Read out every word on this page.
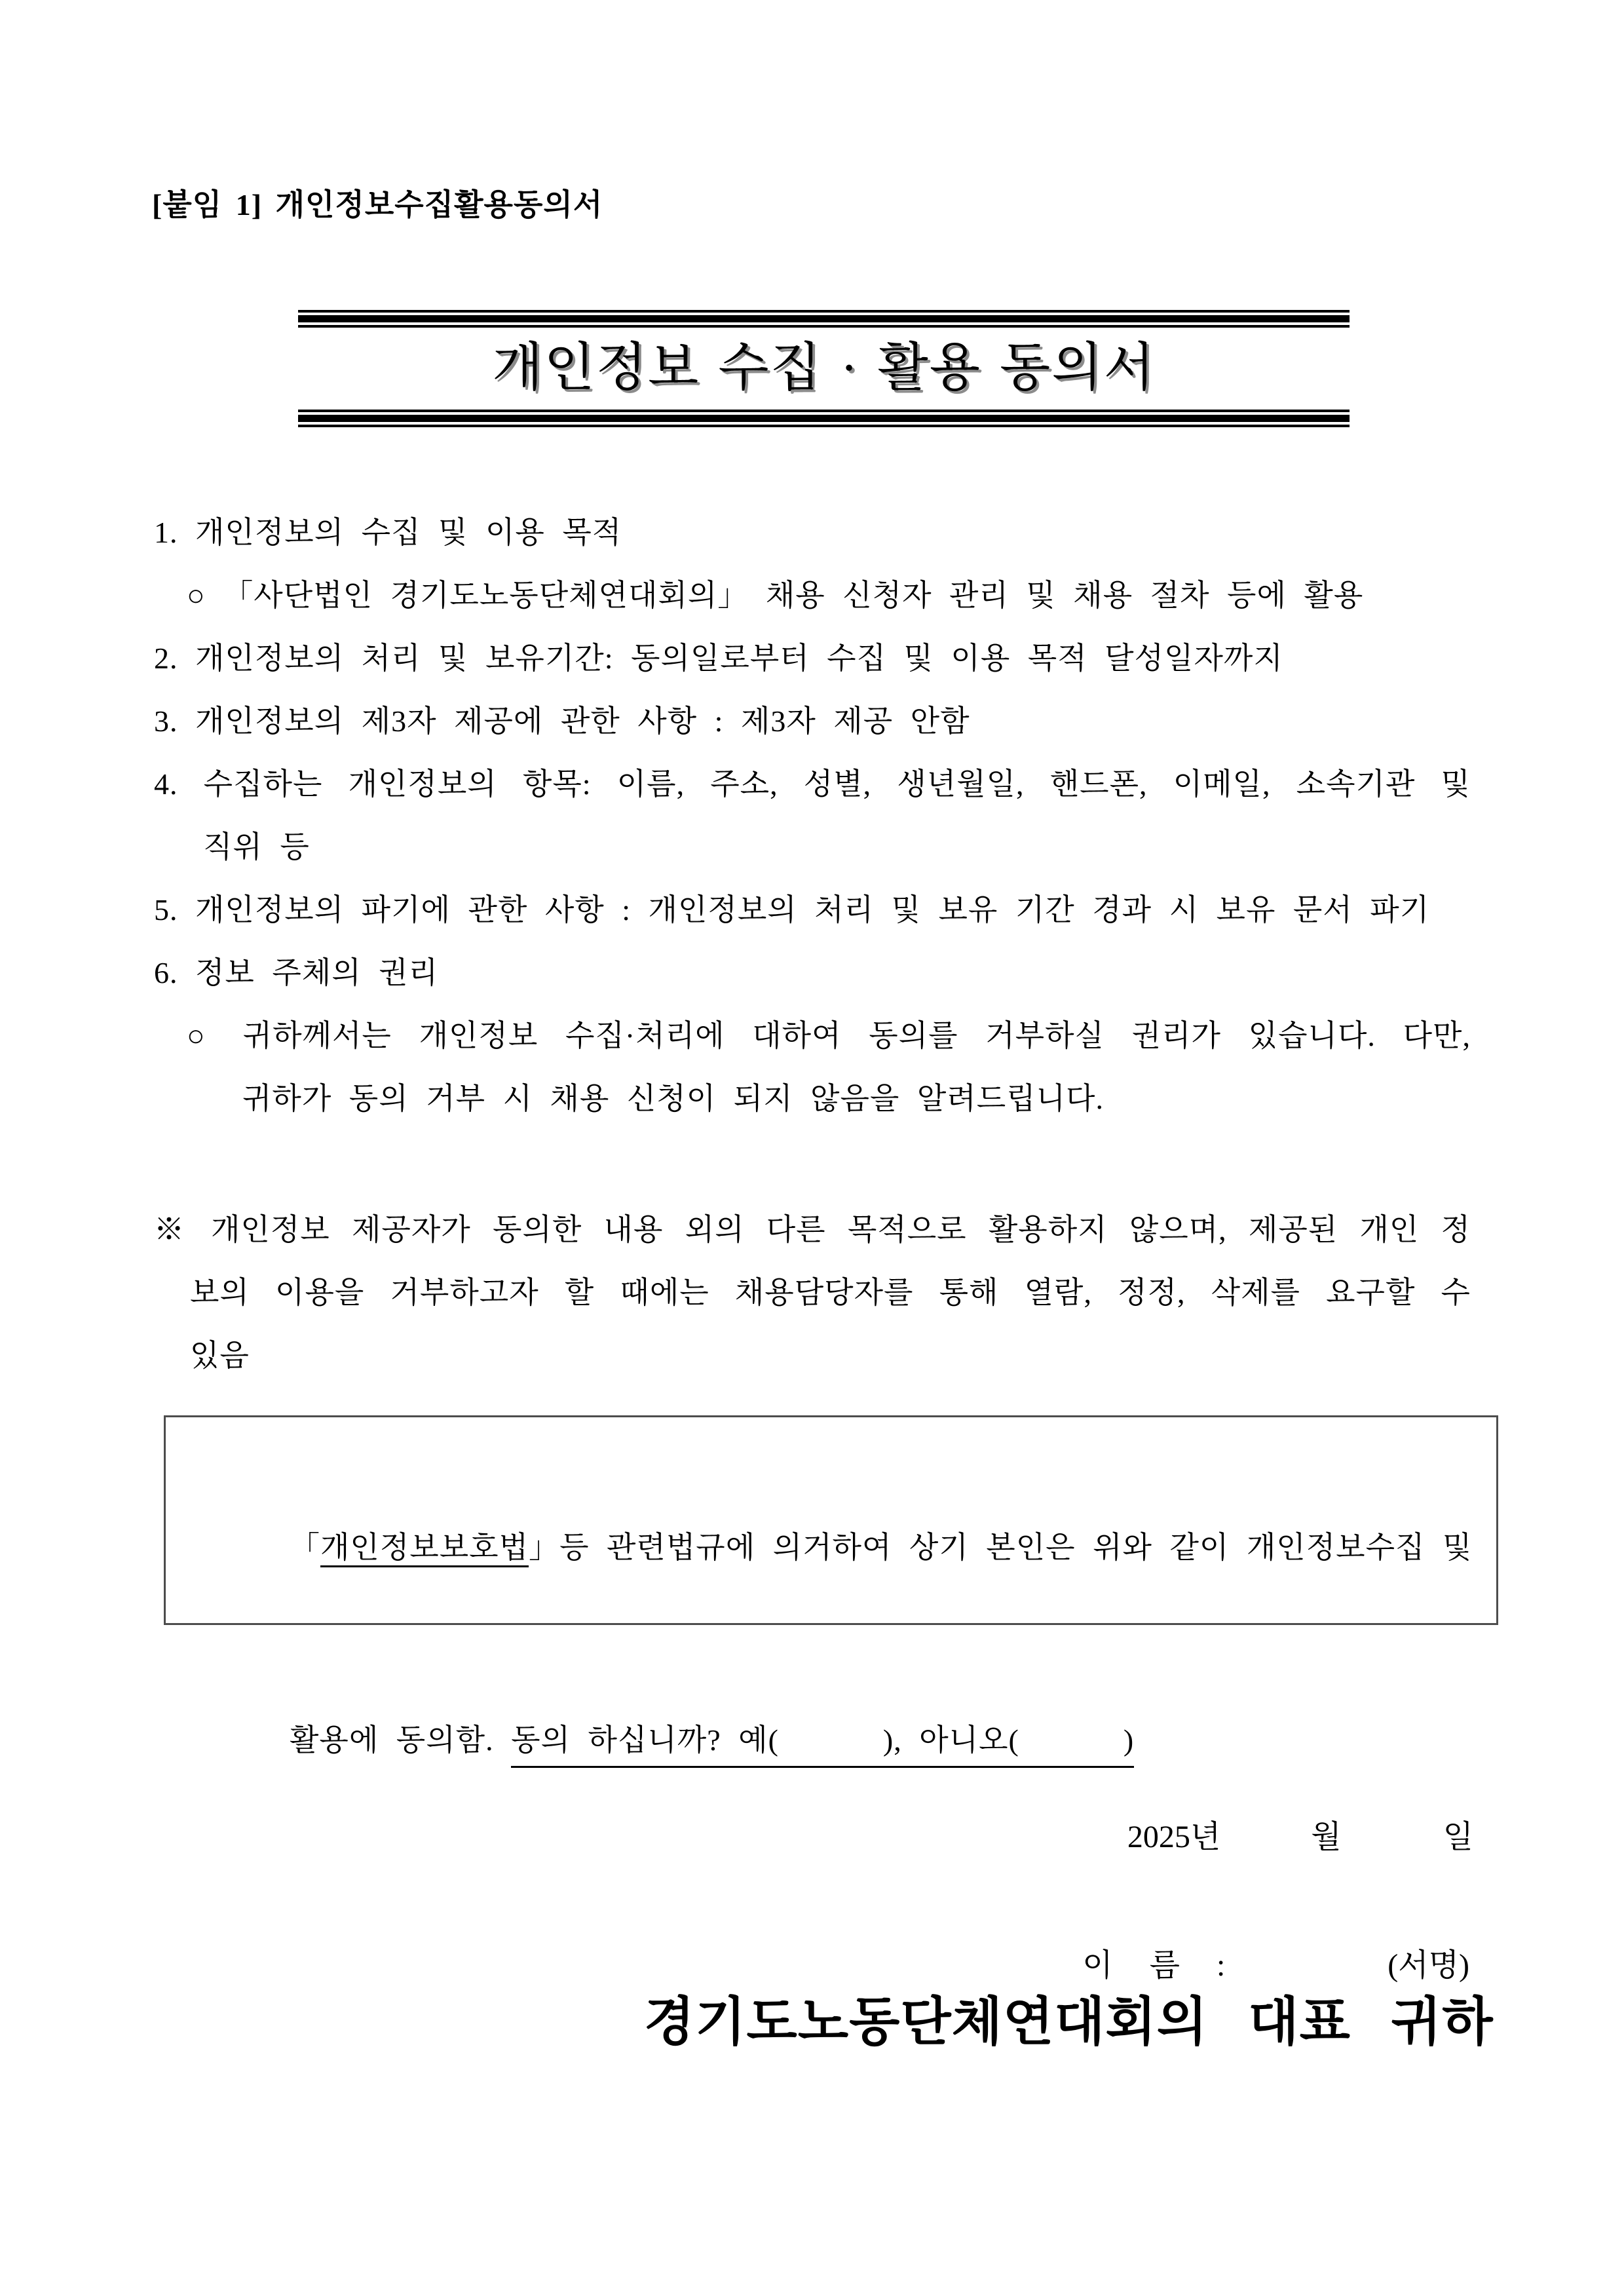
[붙임 1] 개인정보수집활용동의서
개인정보 수집 · 활용 동의서
1. 개인정보의 수집 및 이용 목적
○ 「사단법인 경기도노동단체연대회의」 채용 신청자 관리 및 채용 절차 등에 활용
2. 개인정보의 처리 및 보유기간: 동의일로부터 수집 및 이용 목적 달성일자까지
3. 개인정보의 제3자 제공에 관한 사항 : 제3자 제공 안함
4. 수집하는 개인정보의 항목: 이름, 주소, 성별, 생년월일, 핸드폰, 이메일, 소속기관 및
직위 등
5. 개인정보의 파기에 관한 사항 : 개인정보의 처리 및 보유 기간 경과 시 보유 문서 파기
6. 정보 주체의 권리
○ 귀하께서는 개인정보 수집·처리에 대하여 동의를 거부하실 권리가 있습니다. 다만,
귀하가 동의 거부 시 채용 신청이 되지 않음을 알려드립니다.
※ 개인정보 제공자가 동의한 내용 외의 다른 목적으로 활용하지 않으며, 제공된 개인 정
보의 이용을 거부하고자 할 때에는 채용담당자를 통해 열람, 정정, 삭제를 요구할 수
있음

「개인정보보호법」등 관련법규에 의거하여 상기 본인은 위와 같이 개인정보수집 및

활용에 동의함. 동의 하십니까? 예(      ), 아니오(      )

2025년	월	일

이 름 :	(서명)

경기도노동단체연대회의 대표 귀하
